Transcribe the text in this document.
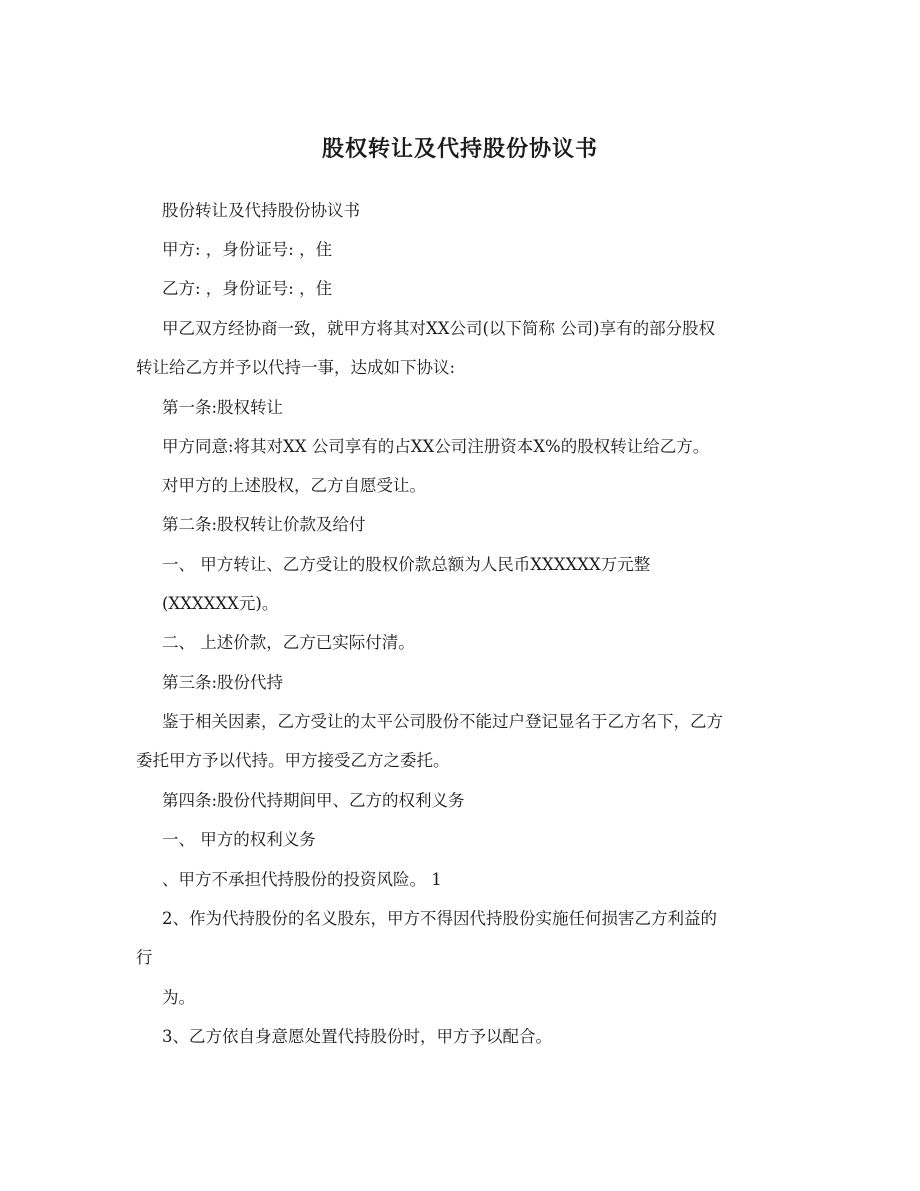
股权转让及代持股份协议书
股份转让及代持股份协议书
甲方: ，身份证号: ，住
乙方: ，身份证号: ，住
甲乙双方经协商一致，就甲方将其对XX公司(以下简称 公司)享有的部分股权
转让给乙方并予以代持一事，达成如下协议:
第一条:股权转让
甲方同意:将其对XX 公司享有的占XX公司注册资本X%的股权转让给乙方。
对甲方的上述股权，乙方自愿受让。
第二条:股权转让价款及给付
一、 甲方转让、乙方受让的股权价款总额为人民币XXXXXX万元整
(XXXXXX元)。
二、 上述价款，乙方已实际付清。
第三条:股份代持
鉴于相关因素，乙方受让的太平公司股份不能过户登记显名于乙方名下，乙方
委托甲方予以代持。甲方接受乙方之委托。
第四条:股份代持期间甲、乙方的权利义务
一、 甲方的权利义务
、甲方不承担代持股份的投资风险。 1
2、作为代持股份的名义股东，甲方不得因代持股份实施任何损害乙方利益的
行
为。
3、乙方依自身意愿处置代持股份时，甲方予以配合。
